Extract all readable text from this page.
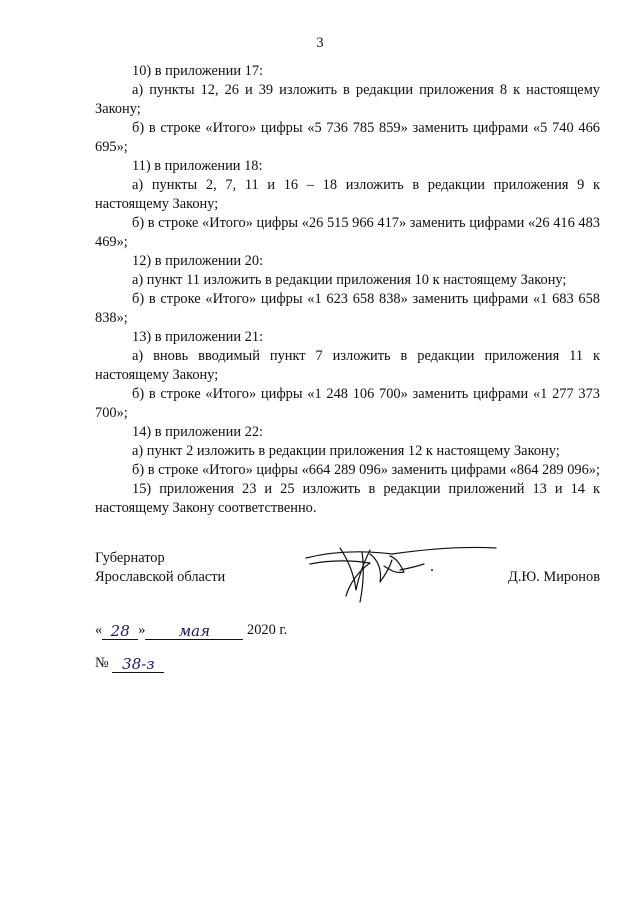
3

10) в приложении 17:

а) пункты 12, 26 и 39 изложить в редакции приложения 8 к настоящему Закону;

б) в строке «Итого» цифры «5 736 785 859» заменить цифрами «5 740 466 695»;

11) в приложении 18:

а) пункты 2, 7, 11 и 16 – 18 изложить в редакции приложения 9 к настоящему Закону;

б) в строке «Итого» цифры «26 515 966 417» заменить цифрами «26 416 483 469»;

12) в приложении 20:

а) пункт 11 изложить в редакции приложения 10 к настоящему Закону;

б) в строке «Итого» цифры «1 623 658 838» заменить цифрами «1 683 658 838»;

13) в приложении 21:

а) вновь вводимый пункт 7 изложить в редакции приложения 11 к настоящему Закону;

б) в строке «Итого» цифры «1 248 106 700» заменить цифрами «1 277 373 700»;

14) в приложении 22:

а) пункт 2 изложить в редакции приложения 12 к настоящему Закону;

б) в строке «Итого» цифры «664 289 096» заменить цифрами «864 289 096»;

15) приложения 23 и 25 изложить в редакции приложений 13 и 14 к настоящему Закону соответственно.

Губернатор
Ярославской области	Д.Ю. Миронов
« 28 » мая	2020 г.
№ 38-з
